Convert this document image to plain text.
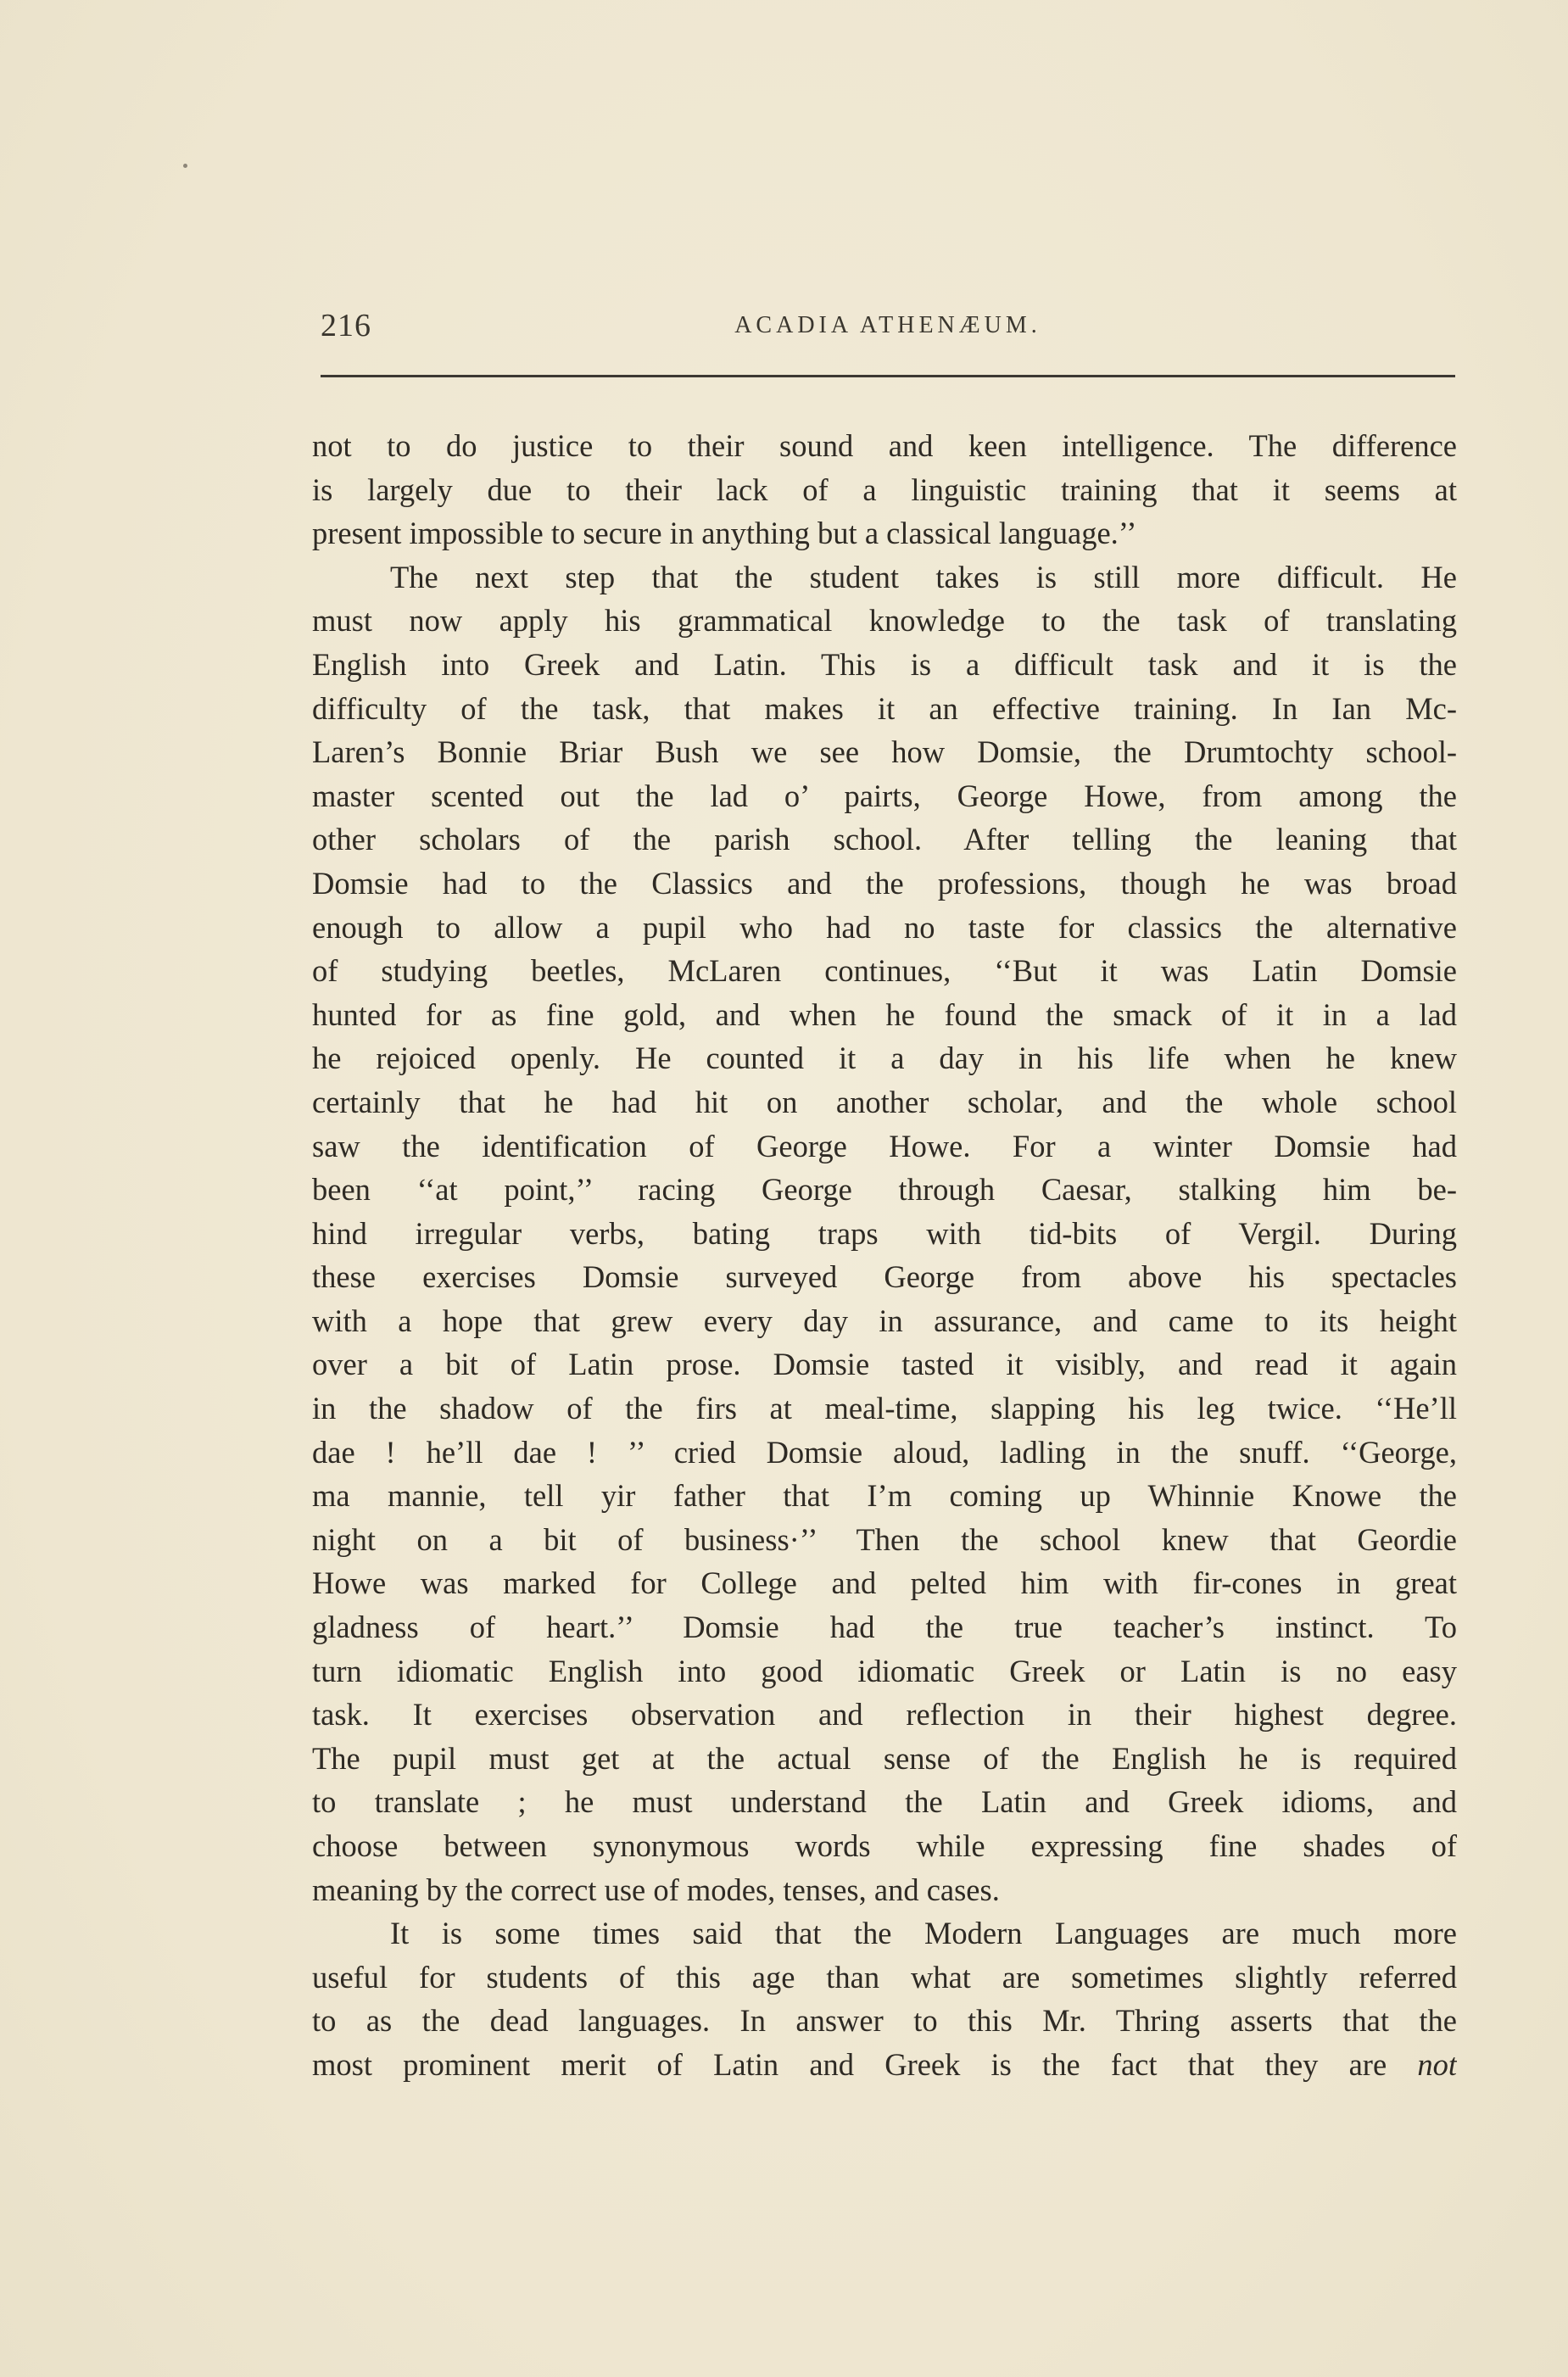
216	ACADIA ATHENÆUM.
not to do justice to their sound and keen intelligence. The difference
is largely due to their lack of a linguistic training that it seems at
present impossible to secure in anything but a classical language.’’
The next step that the student takes is still more difficult. He
must now apply his grammatical knowledge to the task of translating
English into Greek and Latin. This is a difficult task and it is the
difficulty of the task, that makes it an effective training. In Ian Mc-
Laren’s Bonnie Briar Bush we see how Domsie, the Drumtochty school-
master scented out the lad o’ pairts, George Howe, from among the
other scholars of the parish school. After telling the leaning that
Domsie had to the Classics and the professions, though he was broad
enough to allow a pupil who had no taste for classics the alternative
of studying beetles, McLaren continues, ‘‘But it was Latin Domsie
hunted for as fine gold, and when he found the smack of it in a lad
he rejoiced openly. He counted it a day in his life when he knew
certainly that he had hit on another scholar, and the whole school
saw the identification of George Howe. For a winter Domsie had
been ‘‘at point,’’ racing George through Caesar, stalking him be-
hind irregular verbs, bating traps with tid-bits of Vergil. During
these exercises Domsie surveyed George from above his spectacles
with a hope that grew every day in assurance, and came to its height
over a bit of Latin prose. Domsie tasted it visibly, and read it again
in the shadow of the firs at meal-time, slapping his leg twice. ‘‘He’ll
dae ! he’ll dae ! ’’ cried Domsie aloud, ladling in the snuff. ‘‘George,
ma mannie, tell yir father that I’m coming up Whinnie Knowe the
night on a bit of business·’’ Then the school knew that Geordie
Howe was marked for College and pelted him with fir-cones in great
gladness of heart.’’ Domsie had the true teacher’s instinct. To
turn idiomatic English into good idiomatic Greek or Latin is no easy
task. It exercises observation and reflection in their highest degree.
The pupil must get at the actual sense of the English he is required
to translate ; he must understand the Latin and Greek idioms, and
choose between synonymous words while expressing fine shades of
meaning by the correct use of modes, tenses, and cases.
It is some times said that the Modern Languages are much more
useful for students of this age than what are sometimes slightly referred
to as the dead languages. In answer to this Mr. Thring asserts that the
most prominent merit of Latin and Greek is the fact that they are not
